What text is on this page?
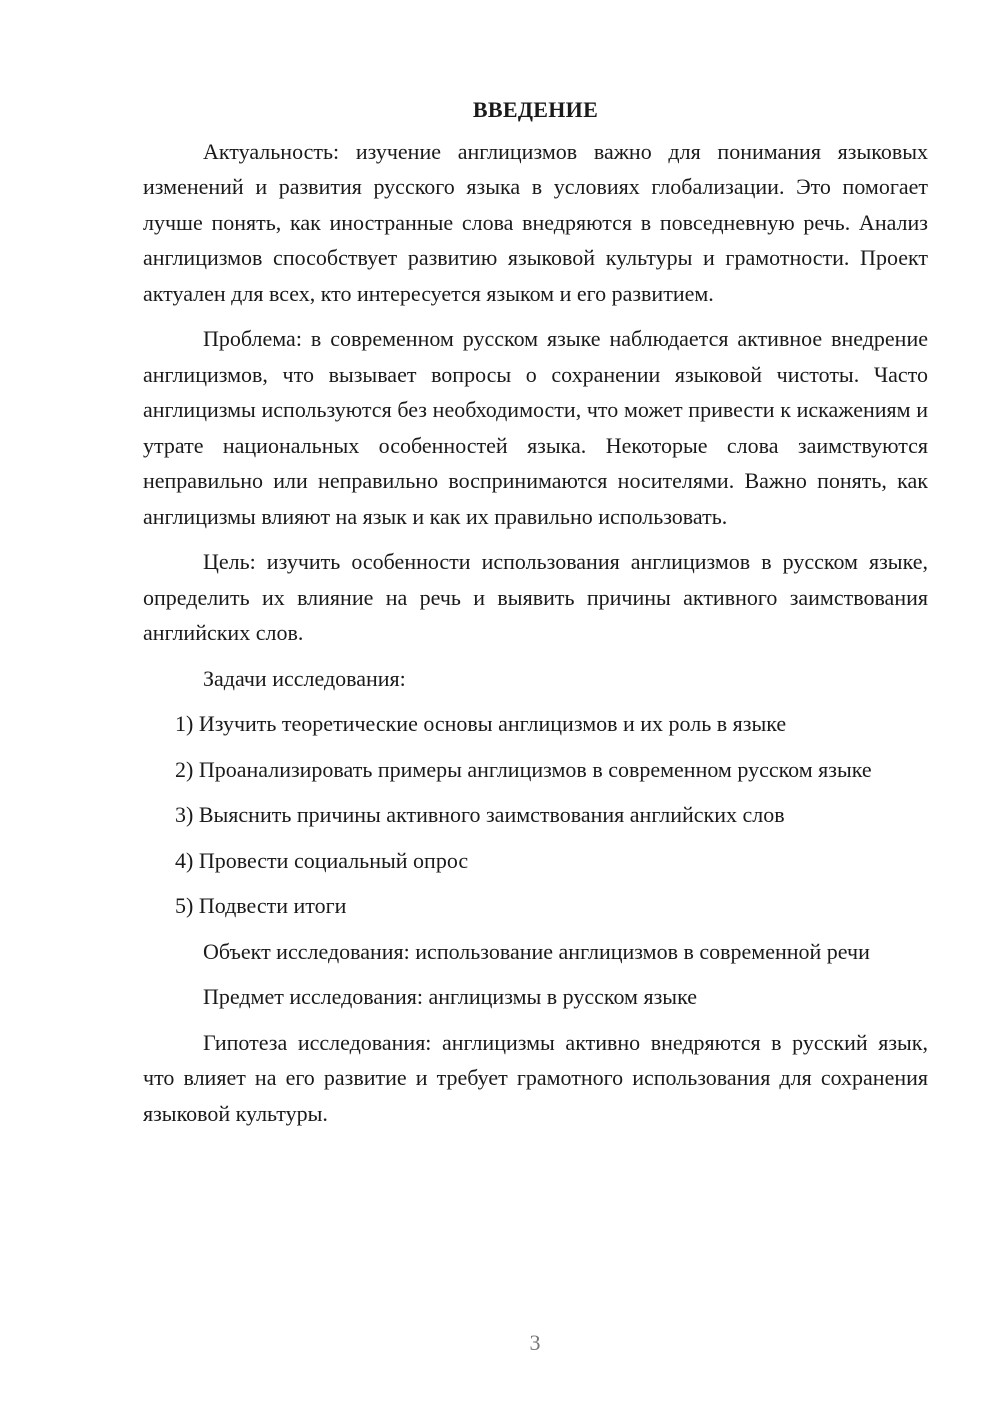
ВВЕДЕНИЕ

Актуальность: изучение англицизмов важно для понимания языковых изменений и развития русского языка в условиях глобализации. Это помогает лучше понять, как иностранные слова внедряются в повседневную речь. Анализ англицизмов способствует развитию языковой культуры и грамотности. Проект актуален для всех, кто интересуется языком и его развитием.

Проблема: в современном русском языке наблюдается активное внедрение англицизмов, что вызывает вопросы о сохранении языковой чистоты. Часто англицизмы используются без необходимости, что может привести к искажениям и утрате национальных особенностей языка. Некоторые слова заимствуются неправильно или неправильно воспринимаются носителями. Важно понять, как англицизмы влияют на язык и как их правильно использовать.

Цель: изучить особенности использования англицизмов в русском языке, определить их влияние на речь и выявить причины активного заимствования английских слов.

Задачи исследования:

1) Изучить теоретические основы англицизмов и их роль в языке

2) Проанализировать примеры англицизмов в современном русском языке

3) Выяснить причины активного заимствования английских слов

4) Провести социальный опрос

5) Подвести итоги

Объект исследования: использование англицизмов в современной речи

Предмет исследования: англицизмы в русском языке

Гипотеза исследования: англицизмы активно внедряются в русский язык, что влияет на его развитие и требует грамотного использования для сохранения языковой культуры.

3
